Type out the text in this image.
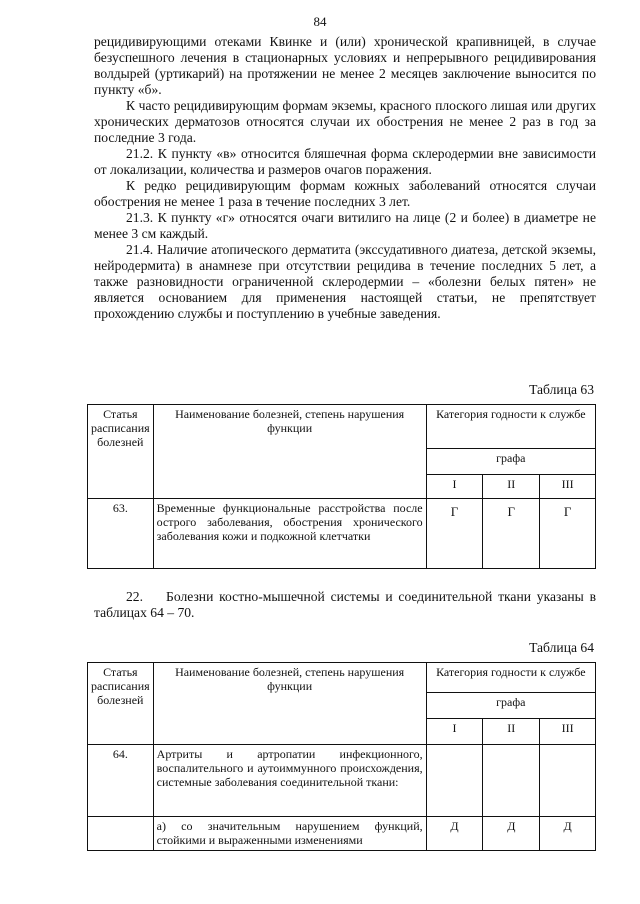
84

рецидивирующими отеками Квинке и (или) хронической крапивницей, в случае безуспешного лечения в стационарных условиях и непрерывного рецидивирования волдырей (уртикарий) на протяжении не менее 2 месяцев заключение выносится по пункту «б».

К часто рецидивирующим формам экземы, красного плоского лишая или других хронических дерматозов относятся случаи их обострения не менее 2 раз в год за последние 3 года.

21.2. К пункту «в» относится бляшечная форма склеродермии вне зависимости от локализации, количества и размеров очагов поражения.

К редко рецидивирующим формам кожных заболеваний относятся случаи обострения не менее 1 раза в течение последних 3 лет.

21.3. К пункту «г» относятся очаги витилиго на лице (2 и более) в диаметре не менее 3 см каждый.

21.4. Наличие атопического дерматита (экссудативного диатеза, детской экземы, нейродермита) в анамнезе при отсутствии рецидива в течение последних 5 лет, а также разновидности ограниченной склеродермии – «болезни белых пятен» не является основанием для применения настоящей статьи, не препятствует прохождению службы и поступлению в учебные заведения.

Таблица 63
Статья расписания болезней	Наименование болезней, степень нарушения функции	Категория годности к службе		
		графа		
		I	II	III
63.	Временные функциональные расстройства после острого заболевания, обострения хронического заболевания кожи и подкожной клетчатки	Г	Г	Г

22.    Болезни костно-мышечной системы и соединительной ткани указаны в таблицах 64 – 70.

Таблица 64
Статья расписания болезней	Наименование болезней, степень нарушения функции	Категория годности к службе		
		графа		
		I	II	III
64.	Артриты и артропатии инфекционного, воспалительного и аутоиммунного происхождения, системные заболевания соединительной ткани:			
	а) со значительным нарушением функций, стойкими и выраженными изменениями	Д	Д	Д
